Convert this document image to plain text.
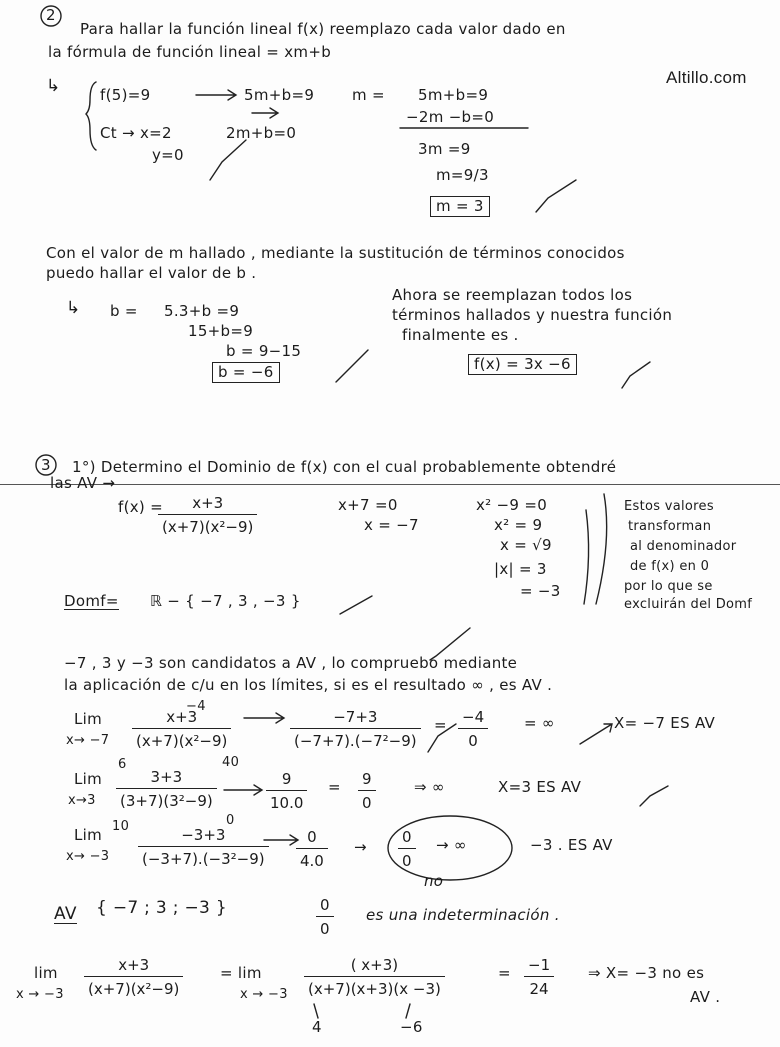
Altillo.com
2
Para hallar la función lineal f(x) reemplazo cada valor dado en
la fórmula de función lineal = xm+b
↳	f(5)=9
Ct → x=2
y=0
5m+b=9
2m+b=0
m = 5m+b=9
−2m −b=0
3m =9
m=9/3
m = 3
Con el valor de m hallado , mediante la sustitución de términos conocidos
puedo hallar el valor de b .
↳ b = 5.3+b =9
15+b=9
b = 9−15
b = −6
Ahora se reemplazan todos los
términos hallados y nuestra función
finalmente es .
f(x) = 3x −6
3 1°) Determino el Dominio de f(x) con el cual probablemente obtendré
las AV →
f(x) =
$\frac{x+3}{\text{(x+7)(x²−9)}}$	x+7 =0
x = −7
x² −9 =0
x² = 9
x = √9
|x| = 3
= −3
Estos valores
transforman
al denominador
de f(x) en 0
por lo que se
excluirán del Domf
Domf= ℝ − { −7 , 3 , −3 }
−7 , 3 y −3 son candidatos a AV , lo compruebo mediante
la aplicación de c/u en los límites, si es el resultado ∞ , es AV .
Lim
x→ −7
−4
$\frac{x+3}{\text{(x+7)(x²−9)}}$
40
$\frac{-7+3}{\text{(−7+7).(−7²−9)}} = \frac{-4}{0}$ = ∞	X= −7 ES AV
Lim
x→3
6
$\frac{3+3}{\text{(3+7)(3²−9)}}$
10	0
$\frac{9}{10.0} = \frac{9}{0}$	⇒ ∞	X=3 ES AV
Lim
$x\to -3 \frac{-3+3}{\text{(−3+7).(−3²−9)}} \frac{0}{4.0} \to \frac{0}{0}$ → ∞	−3 . ES AV
no
AV { −7 ; 3 ; −3 }	$\frac{0}{0}$ es una indeterminación .
lim
$x \to -3 \frac{x+3}{\text{(x+7)(x²−9)}} = \lim$
$x \to -3 \frac{( x+3)}{(x+7)(x+3)(x -3)}$
4	−6
= $\frac{-1}{24}$ ⇒ X= −3 no es
AV .
